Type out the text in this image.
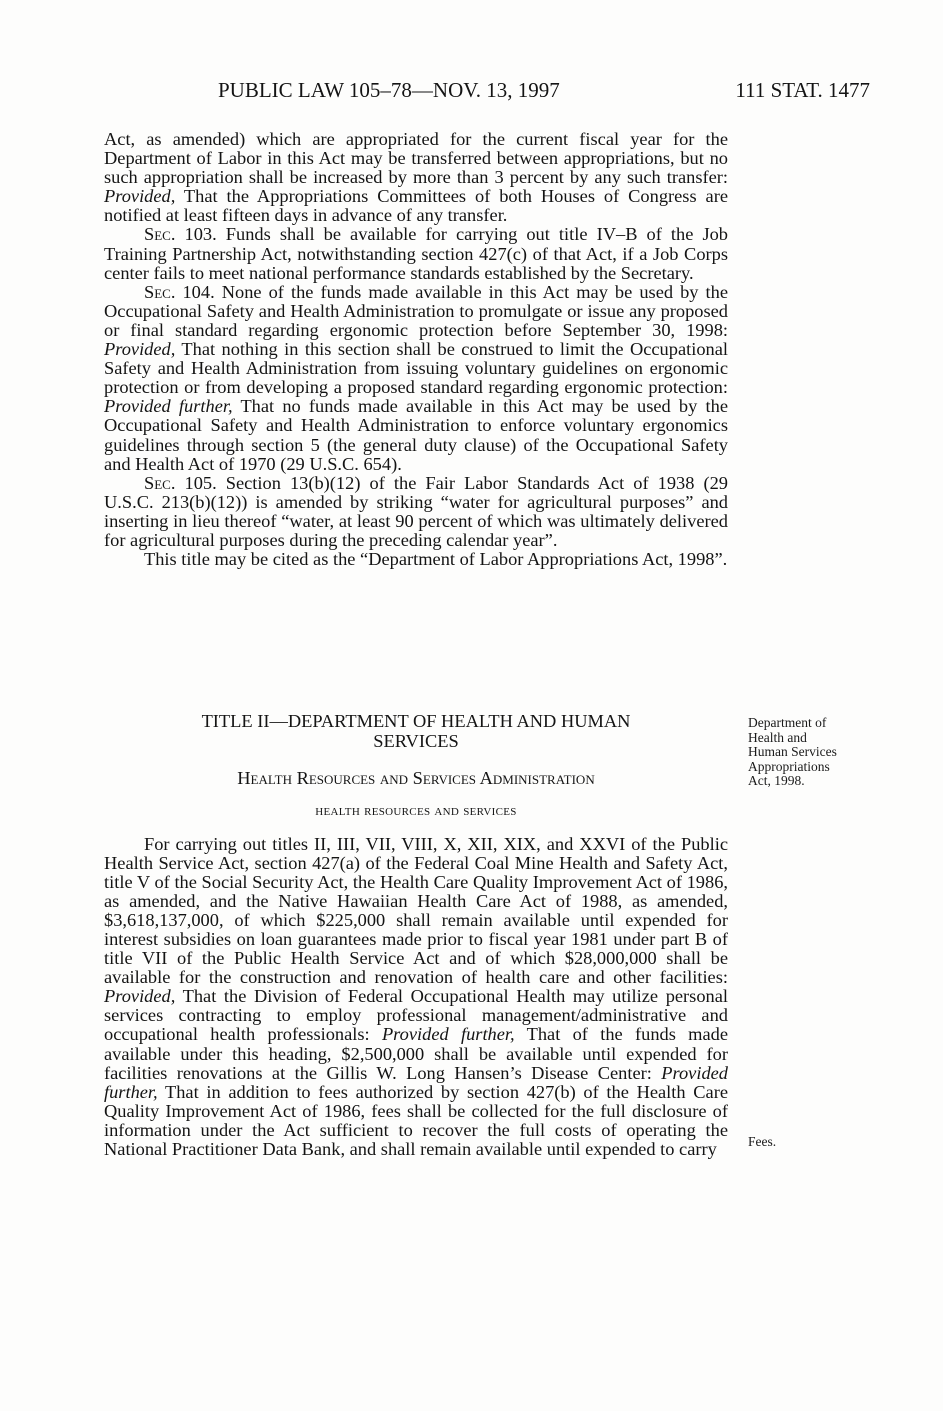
PUBLIC LAW 105–78—NOV. 13, 1997	111 STAT. 1477

Act, as amended) which are appropriated for the current fiscal year for the Department of Labor in this Act may be transferred between appropriations, but no such appropriation shall be increased by more than 3 percent by any such transfer: Provided, That the Appropriations Committees of both Houses of Congress are notified at least fifteen days in advance of any transfer.

Sec. 103. Funds shall be available for carrying out title IV–B of the Job Training Partnership Act, notwithstanding section 427(c) of that Act, if a Job Corps center fails to meet national performance standards established by the Secretary.

Sec. 104. None of the funds made available in this Act may be used by the Occupational Safety and Health Administration to promulgate or issue any proposed or final standard regarding ergonomic protection before September 30, 1998: Provided, That nothing in this section shall be construed to limit the Occupational Safety and Health Administration from issuing voluntary guidelines on ergonomic protection or from developing a proposed standard regarding ergonomic protection: Provided further, That no funds made available in this Act may be used by the Occupational Safety and Health Administration to enforce voluntary ergonomics guidelines through section 5 (the general duty clause) of the Occupational Safety and Health Act of 1970 (29 U.S.C. 654).

Sec. 105. Section 13(b)(12) of the Fair Labor Standards Act of 1938 (29 U.S.C. 213(b)(12)) is amended by striking “water for agricultural purposes” and inserting in lieu thereof “water, at least 90 percent of which was ultimately delivered for agricultural purposes during the preceding calendar year”.

This title may be cited as the “Department of Labor Appropriations Act, 1998”.

TITLE II—DEPARTMENT OF HEALTH AND HUMAN

SERVICES

Health Resources and Services Administration
health resources and services

For carrying out titles II, III, VII, VIII, X, XII, XIX, and XXVI of the Public Health Service Act, section 427(a) of the Federal Coal Mine Health and Safety Act, title V of the Social Security Act, the Health Care Quality Improvement Act of 1986, as amended, and the Native Hawaiian Health Care Act of 1988, as amended, $3,618,137,000, of which $225,000 shall remain available until expended for interest subsidies on loan guarantees made prior to fiscal year 1981 under part B of title VII of the Public Health Service Act and of which $28,000,000 shall be available for the construction and renovation of health care and other facilities: Provided, That the Division of Federal Occupational Health may utilize personal services contracting to employ professional management/administrative and occupational health professionals: Provided further, That of the funds made available under this heading, $2,500,000 shall be available until expended for facilities renovations at the Gillis W. Long Hansen’s Disease Center: Provided further, That in addition to fees authorized by section 427(b) of the Health Care Quality Improvement Act of 1986, fees shall be collected for the full disclosure of information under the Act sufficient to recover the full costs of operating the National Practitioner Data Bank, and shall remain available until expended to carry

Department of
Health and
Human Services
Appropriations
Act, 1998.
Fees.
